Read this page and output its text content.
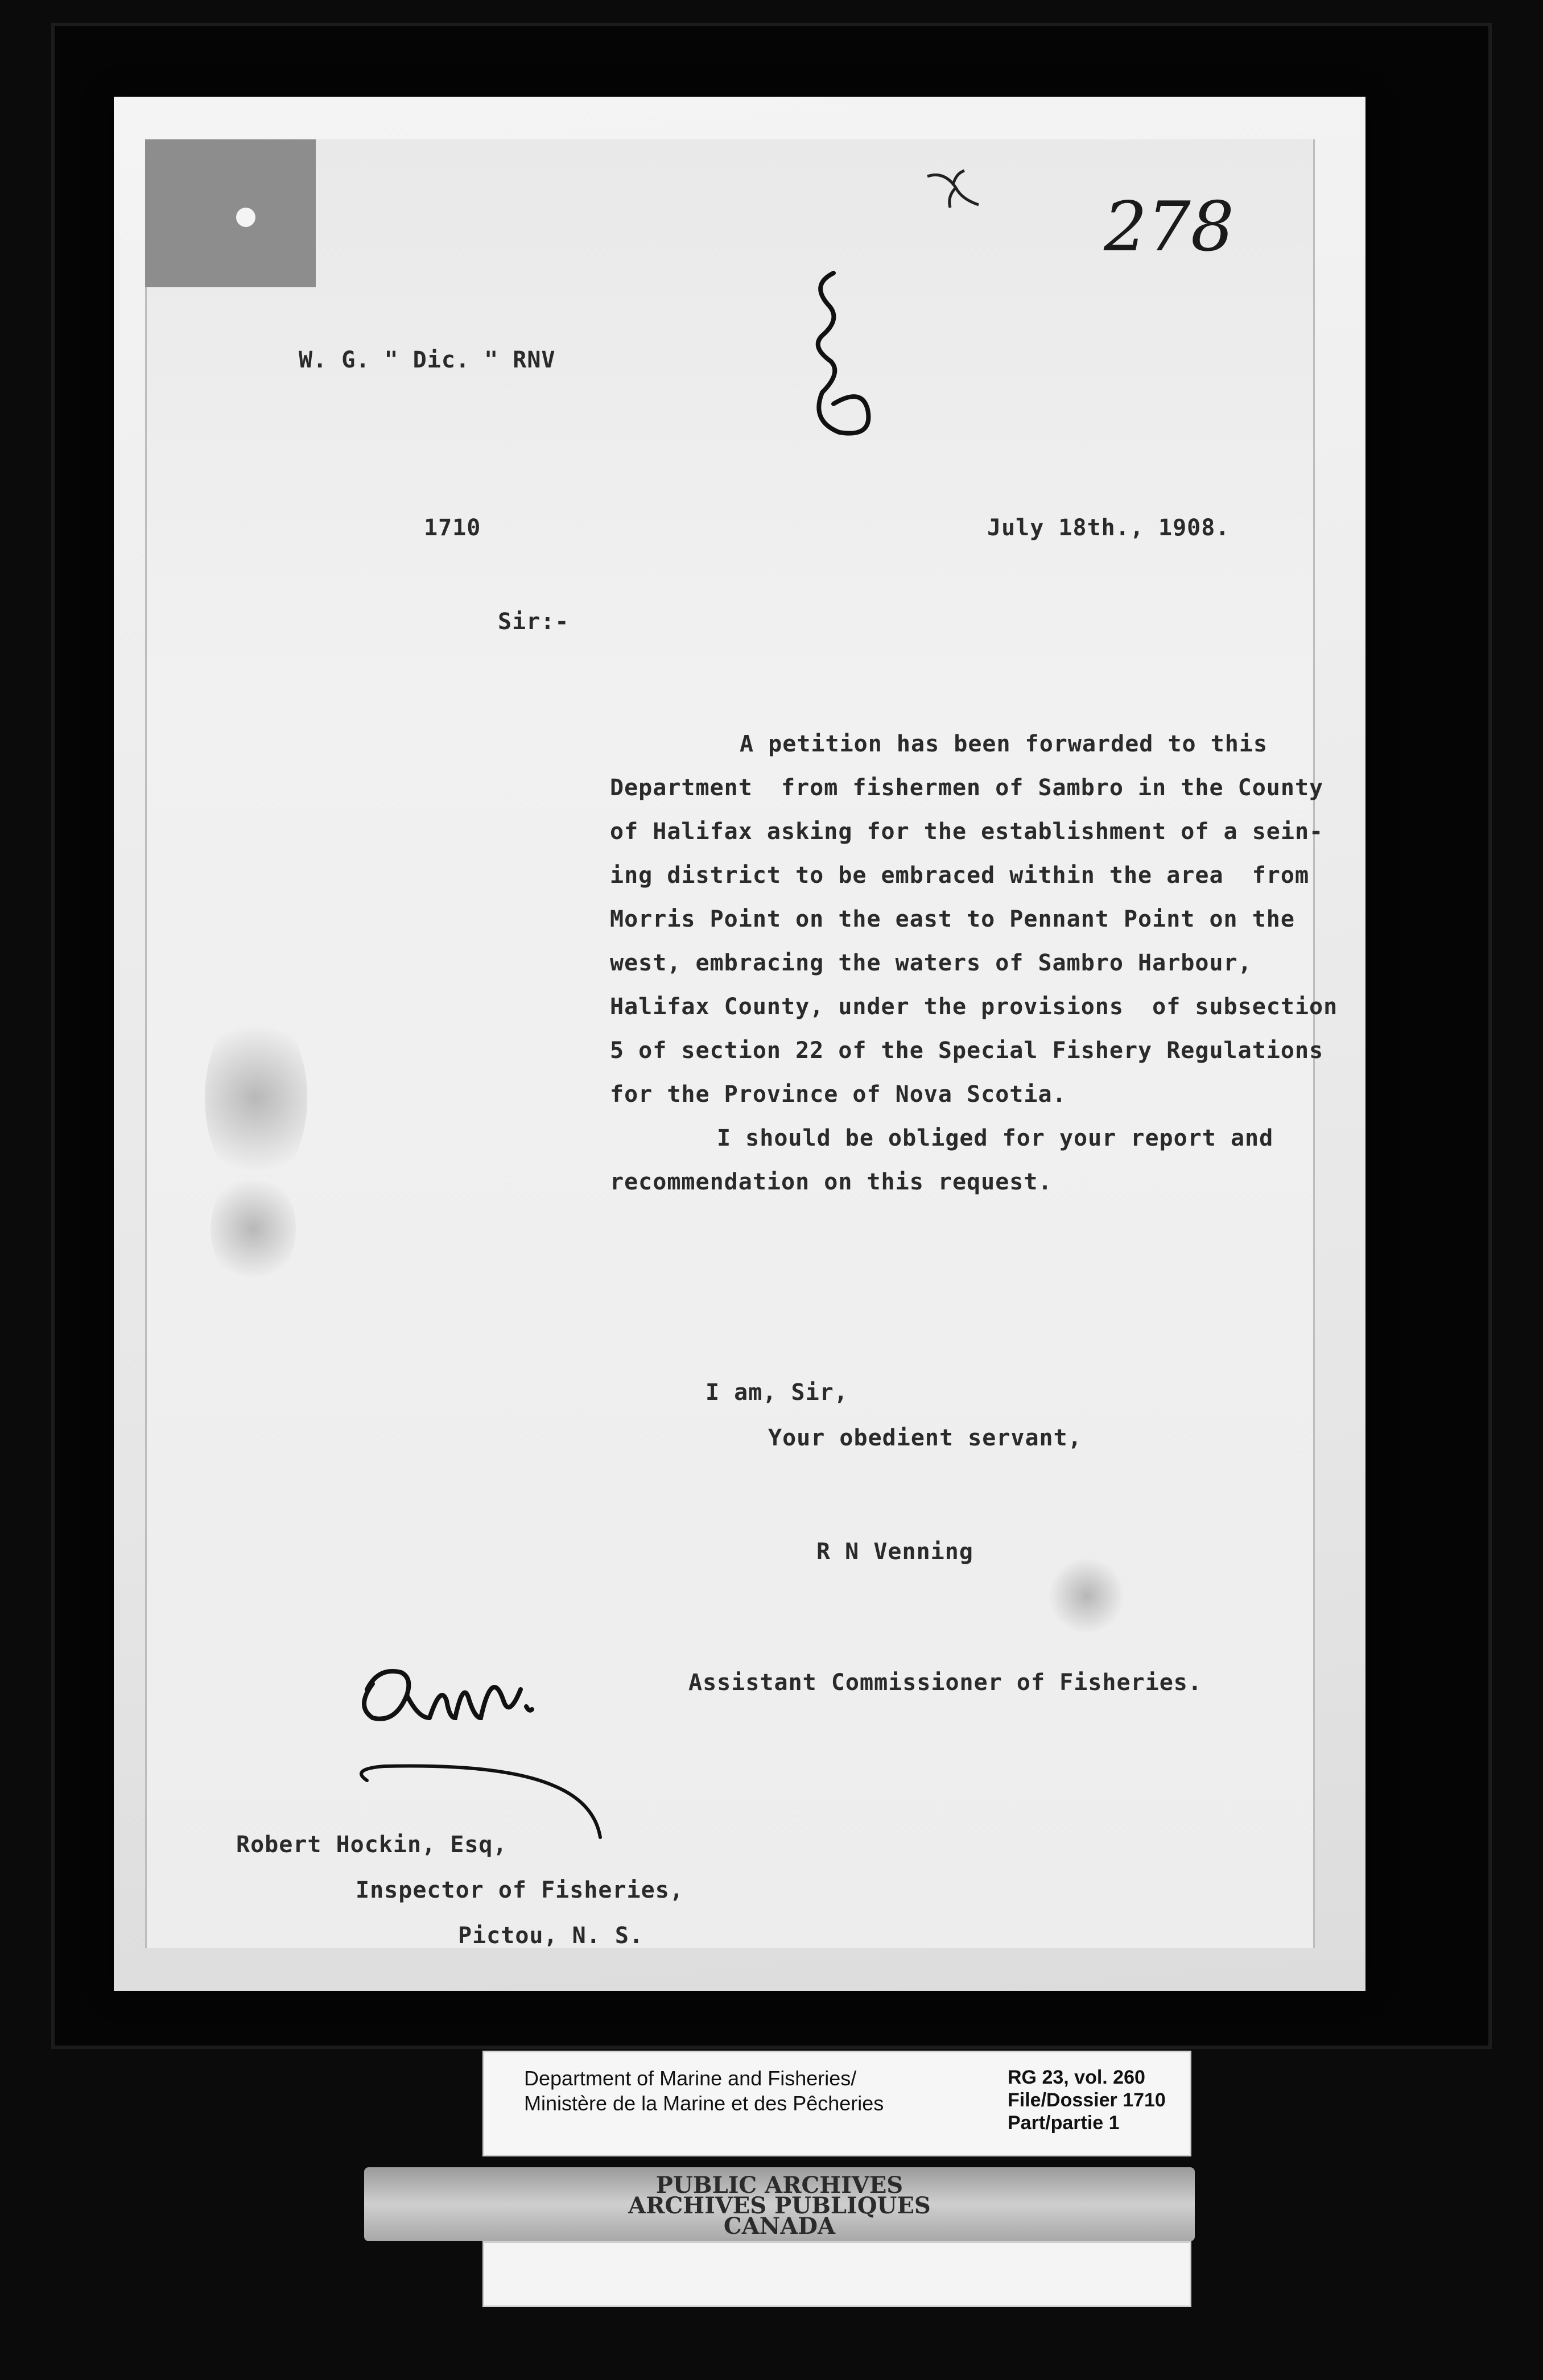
278
W. G. " Dic. " RNV
1710	July 18th., 1908.
Sir:-
A petition has been forwarded to this
Department  from fishermen of Sambro in the County
of Halifax asking for the establishment of a sein-
ing district to be embraced within the area  from
Morris Point on the east to Pennant Point on the
west, embracing the waters of Sambro Harbour,
Halifax County, under the provisions  of subsection
5 of section 22 of the Special Fishery Regulations
for the Province of Nova Scotia.
I should be obliged for your report and
recommendation on this request.
I am, Sir,
Your obedient servant,
R N Venning
Assistant Commissioner of Fisheries.
Robert Hockin, Esq,
Inspector of Fisheries,
Pictou, N. S.
Department of Marine and Fisheries/
Ministère de la Marine et des Pêcheries
RG 23, vol. 260
File/Dossier 1710
Part/partie 1
PUBLIC ARCHIVES
ARCHIVES PUBLIQUES
CANADA
